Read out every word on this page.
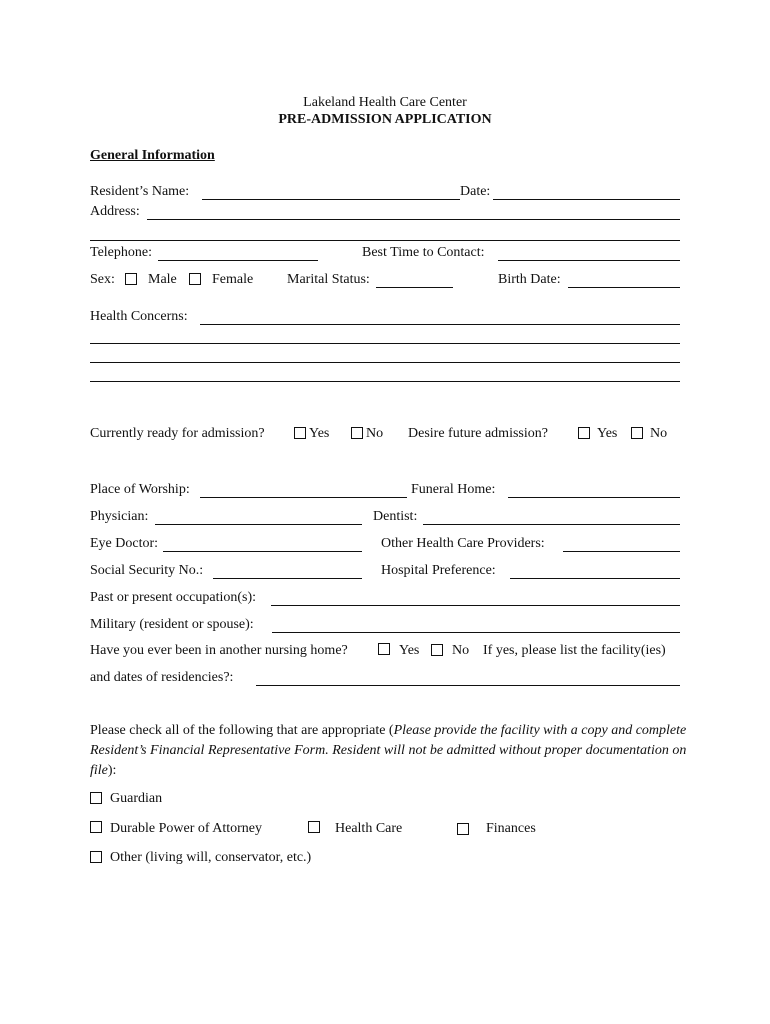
Lakeland Health Care Center
PRE-ADMISSION APPLICATION
General Information
Resident’s Name:	Date:
Address:
Telephone:	Best Time to Contact:
Sex: Male	Female Marital Status:	Birth Date:
Health Concerns:
Currently ready for admission?	Yes	No Desire future admission?	Yes No
Place of Worship:	Funeral Home:
Physician:	Dentist:
Eye Doctor:	Other Health Care Providers:
Social Security No.:	Hospital Preference:
Past or present occupation(s):
Military (resident or spouse):
Have you ever been in another nursing home?	Yes No If yes, please list the facility(ies)
and dates of residencies?:
Please check all of the following that are appropriate (Please provide the facility with a copy and complete Resident’s Financial Representative Form. Resident will not be admitted without proper documentation on file):
Guardian
Durable Power of Attorney	Health Care	Finances
Other (living will, conservator, etc.)
